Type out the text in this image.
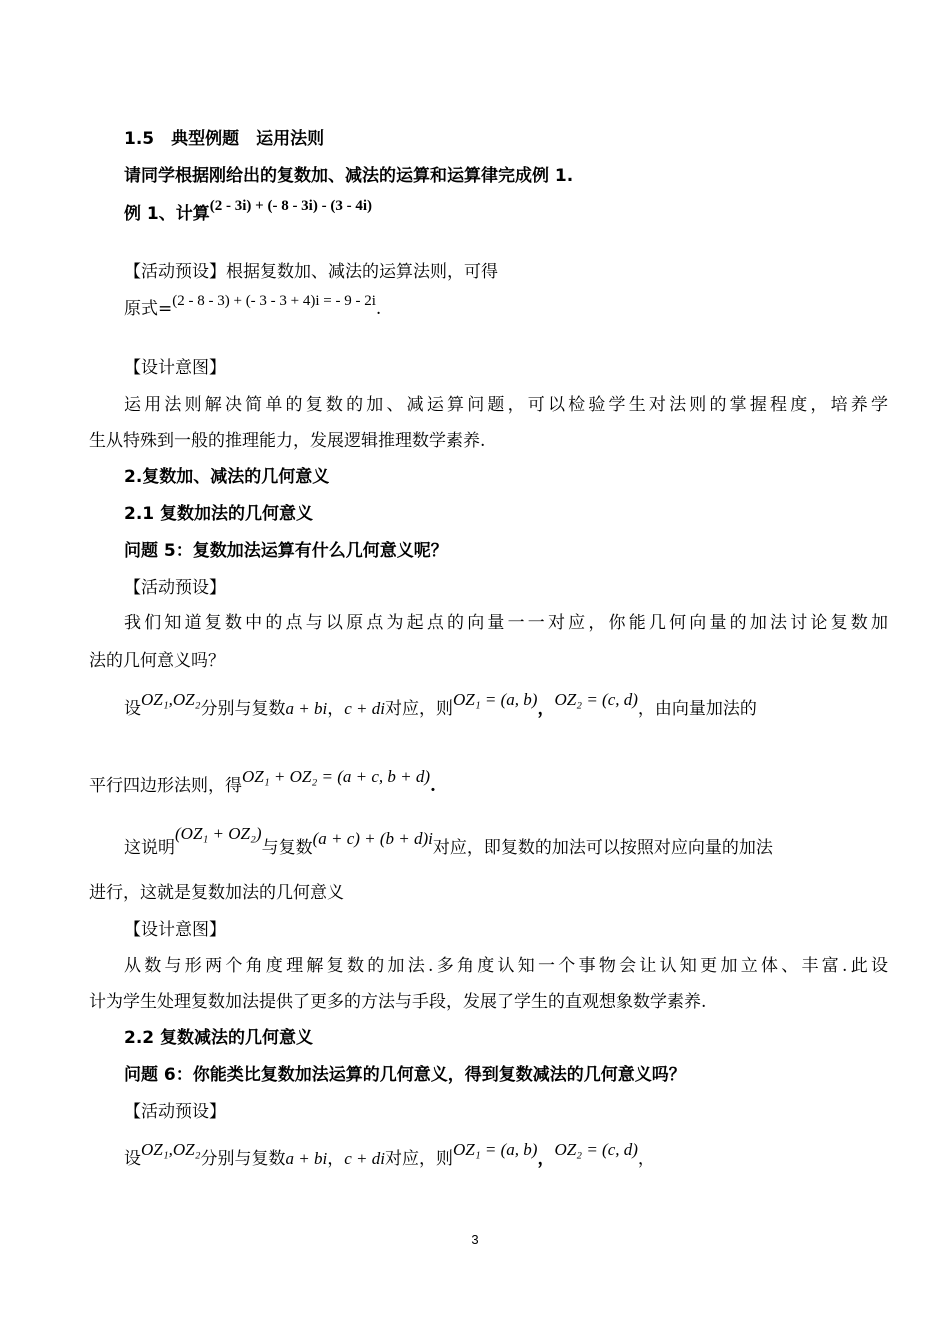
1.5　典型例题　运用法则
请同学根据刚给出的复数加、减法的运算和运算律完成例 1.
例 1、计算(2 - 3i) + (- 8 - 3i) - (3 - 4i)
【活动预设】根据复数加、减法的运算法则，可得
原式=(2 - 8 - 3) + (- 3 - 3 + 4)i = - 9 - 2i.
【设计意图】
运用法则解决简单的复数的加、减运算问题，可以检验学生对法则的掌握程度，培养学
生从特殊到一般的推理能力，发展逻辑推理数学素养.
2.复数加、减法的几何意义
2.1 复数加法的几何意义
问题 5：复数加法运算有什么几何意义呢？
【活动预设】
我们知道复数中的点与以原点为起点的向量一一对应，你能几何向量的加法讨论复数加
法的几何意义吗？
设OZ₁,OZ₂分别与复数a + bi，c + di对应，则OZ₁ = (a, b)，OZ₂ = (c, d)，由向量加法的
平行四边形法则，得OZ₁ + OZ₂ = (a + c, b + d).
这说明(OZ₁ + OZ₂)与复数(a + c) + (b + d)i对应，即复数的加法可以按照对应向量的加法
进行，这就是复数加法的几何意义
【设计意图】
从数与形两个角度理解复数的加法.多角度认知一个事物会让认知更加立体、丰富.此设
计为学生处理复数加法提供了更多的方法与手段，发展了学生的直观想象数学素养.
2.2 复数减法的几何意义
问题 6：你能类比复数加法运算的几何意义，得到复数减法的几何意义吗？
【活动预设】
设OZ₁,OZ₂分别与复数a + bi，c + di对应，则OZ₁ = (a, b)，OZ₂ = (c, d)，
3
